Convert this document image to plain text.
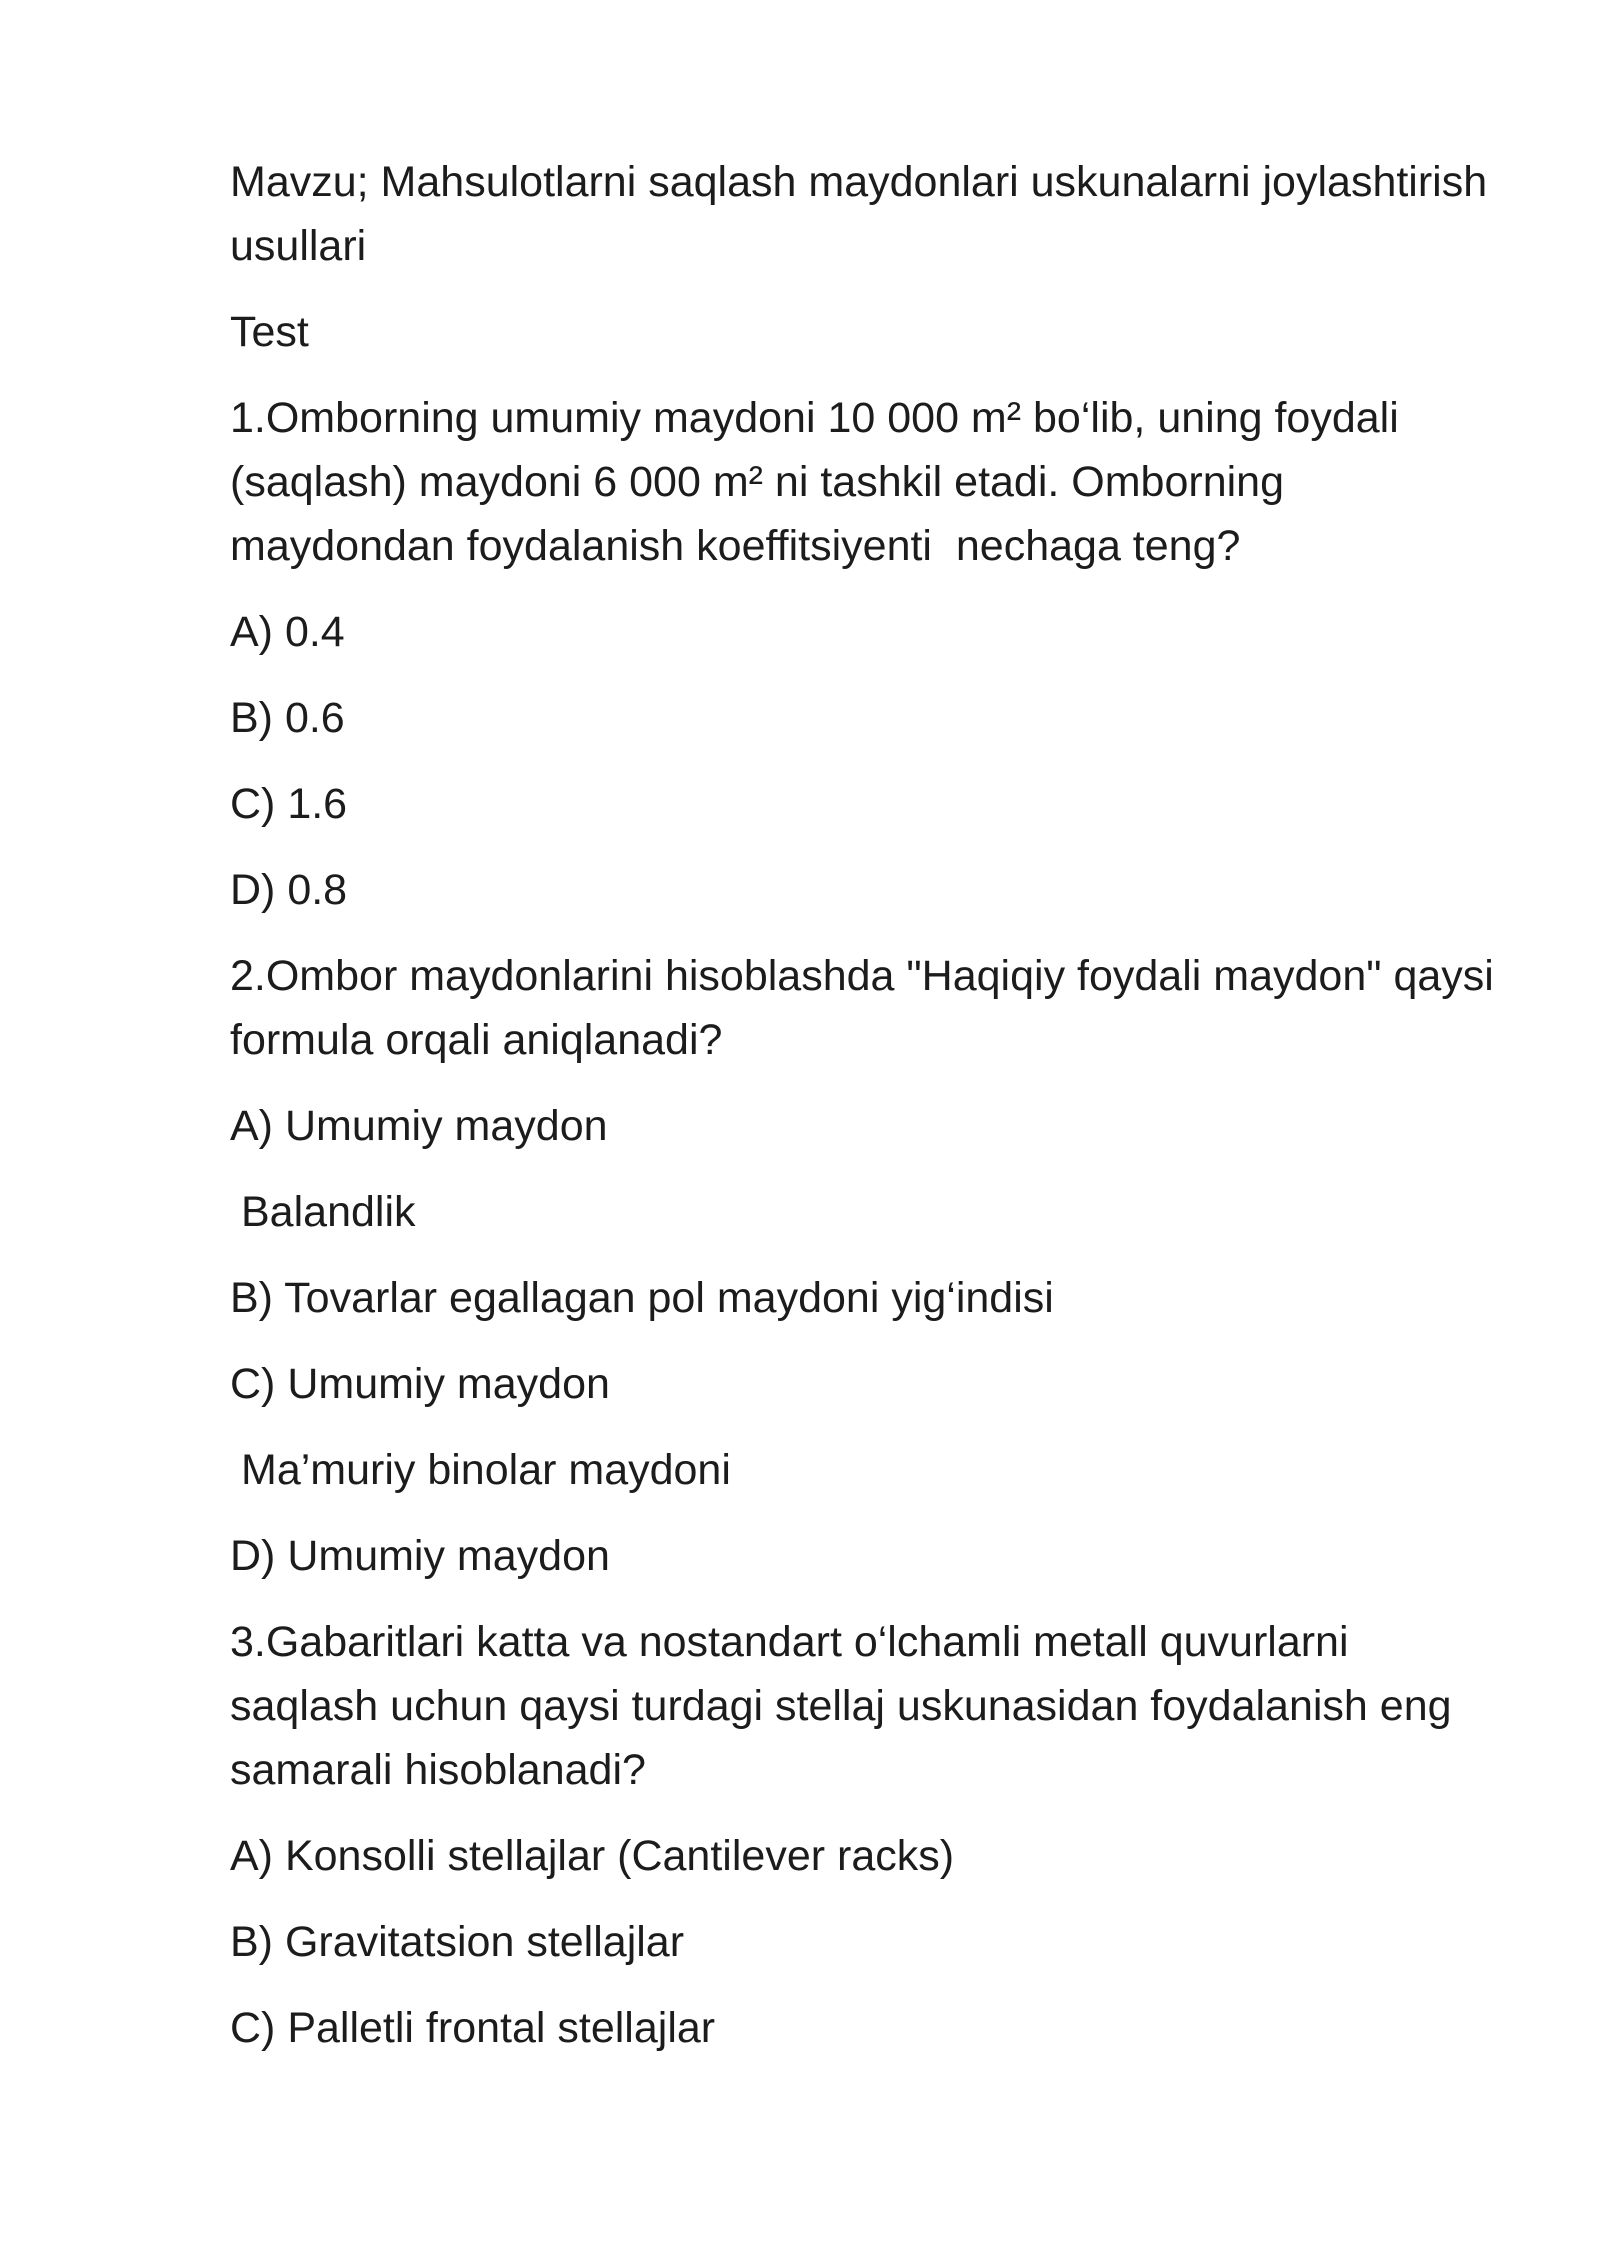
Mavzu; Mahsulotlarni saqlash maydonlari uskunalarni joylashtirish usullari

Test

1.Omborning umumiy maydoni 10 000 m² bo‘lib, uning foydali (saqlash) maydoni 6 000 m² ni tashkil etadi. Omborning maydondan foydalanish koeffitsiyenti  nechaga teng?

A) 0.4

B) 0.6

C) 1.6

D) 0.8

2.Ombor maydonlarini hisoblashda "Haqiqiy foydali maydon" qaysi formula orqali aniqlanadi?

A) Umumiy maydon

Balandlik

B) Tovarlar egallagan pol maydoni yig‘indisi

C) Umumiy maydon

Ma’muriy binolar maydoni

D) Umumiy maydon

3.Gabaritlari katta va nostandart o‘lchamli metall quvurlarni saqlash uchun qaysi turdagi stellaj uskunasidan foydalanish eng samarali hisoblanadi?

A) Konsolli stellajlar (Cantilever racks)

B) Gravitatsion stellajlar

C) Palletli frontal stellajlar
